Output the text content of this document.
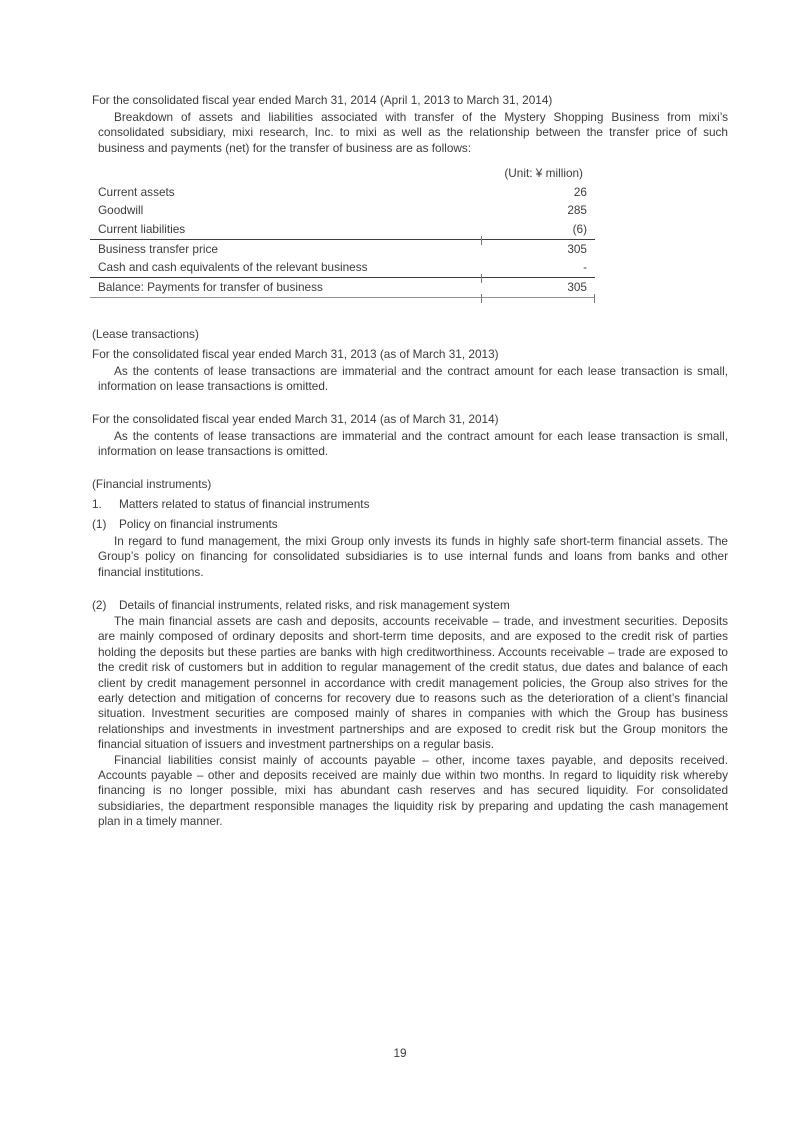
For the consolidated fiscal year ended March 31, 2014 (April 1, 2013 to March 31, 2014)
Breakdown of assets and liabilities associated with transfer of the Mystery Shopping Business from mixi’s consolidated subsidiary, mixi research, Inc. to mixi as well as the relationship between the transfer price of such business and payments (net) for the transfer of business are as follows:
(Unit: ¥ million)
Current assets	26
Goodwill	285
Current liabilities	(6)
Business transfer price	305
Cash and cash equivalents of the relevant business	-
Balance: Payments for transfer of business	305
(Lease transactions)
For the consolidated fiscal year ended March 31, 2013 (as of March 31, 2013)
As the contents of lease transactions are immaterial and the contract amount for each lease transaction is small, information on lease transactions is omitted.
For the consolidated fiscal year ended March 31, 2014 (as of March 31, 2014)
As the contents of lease transactions are immaterial and the contract amount for each lease transaction is small, information on lease transactions is omitted.
(Financial instruments)
1.	Matters related to status of financial instruments
(1)	Policy on financial instruments
In regard to fund management, the mixi Group only invests its funds in highly safe short-term financial assets. The Group’s policy on financing for consolidated subsidiaries is to use internal funds and loans from banks and other financial institutions.
(2)	Details of financial instruments, related risks, and risk management system
The main financial assets are cash and deposits, accounts receivable – trade, and investment securities. Deposits are mainly composed of ordinary deposits and short-term time deposits, and are exposed to the credit risk of parties holding the deposits but these parties are banks with high creditworthiness. Accounts receivable – trade are exposed to the credit risk of customers but in addition to regular management of the credit status, due dates and balance of each client by credit management personnel in accordance with credit management policies, the Group also strives for the early detection and mitigation of concerns for recovery due to reasons such as the deterioration of a client’s financial situation. Investment securities are composed mainly of shares in companies with which the Group has business relationships and investments in investment partnerships and are exposed to credit risk but the Group monitors the financial situation of issuers and investment partnerships on a regular basis.
Financial liabilities consist mainly of accounts payable – other, income taxes payable, and deposits received. Accounts payable – other and deposits received are mainly due within two months. In regard to liquidity risk whereby financing is no longer possible, mixi has abundant cash reserves and has secured liquidity. For consolidated subsidiaries, the department responsible manages the liquidity risk by preparing and updating the cash management plan in a timely manner.
19
